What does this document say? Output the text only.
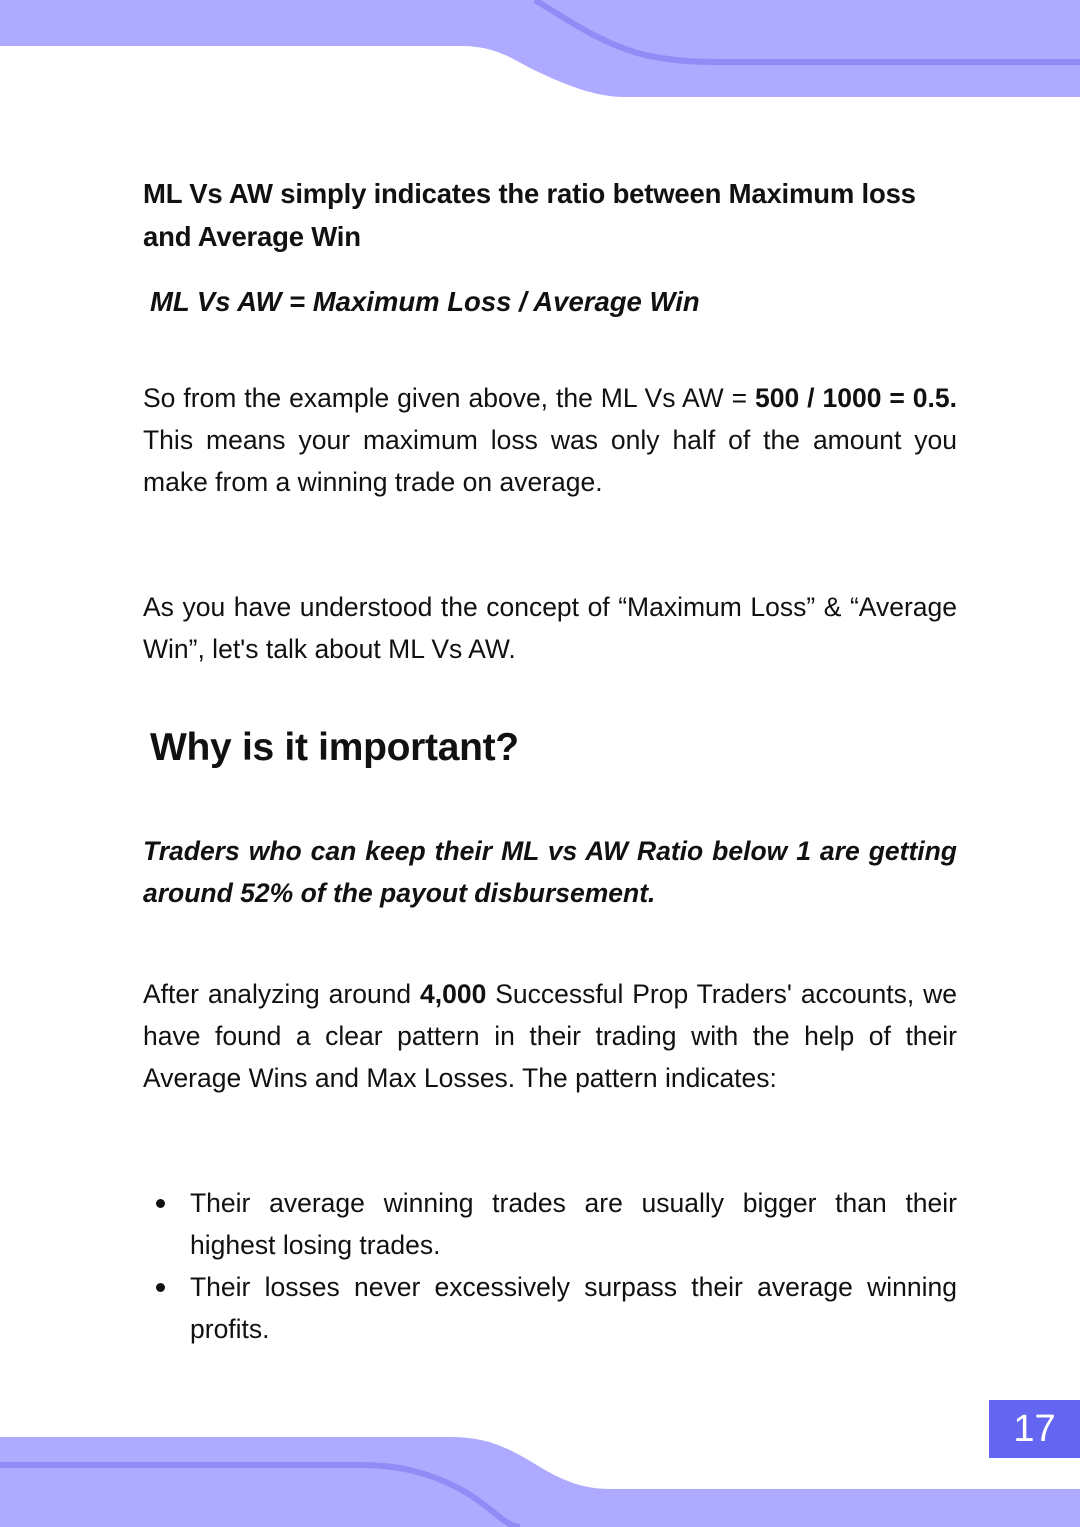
ML Vs AW simply indicates the ratio between Maximum loss and Average Win
ML Vs AW = Maximum Loss / Average Win
So from the example given above, the ML Vs AW = 500 / 1000 = 0.5. This means your maximum loss was only half of the amount you make from a winning trade on average.
As you have understood the concept of “Maximum Loss” & “Average Win”, let's talk about ML Vs AW.
Why is it important?
Traders who can keep their ML vs AW Ratio below 1 are getting around 52% of the payout disbursement.
After analyzing around 4,000 Successful Prop Traders' accounts, we have found a clear pattern in their trading with the help of their Average Wins and Max Losses. The pattern indicates:
Their average winning trades are usually bigger than their highest losing trades.
Their losses never excessively surpass their average winning profits.
17
